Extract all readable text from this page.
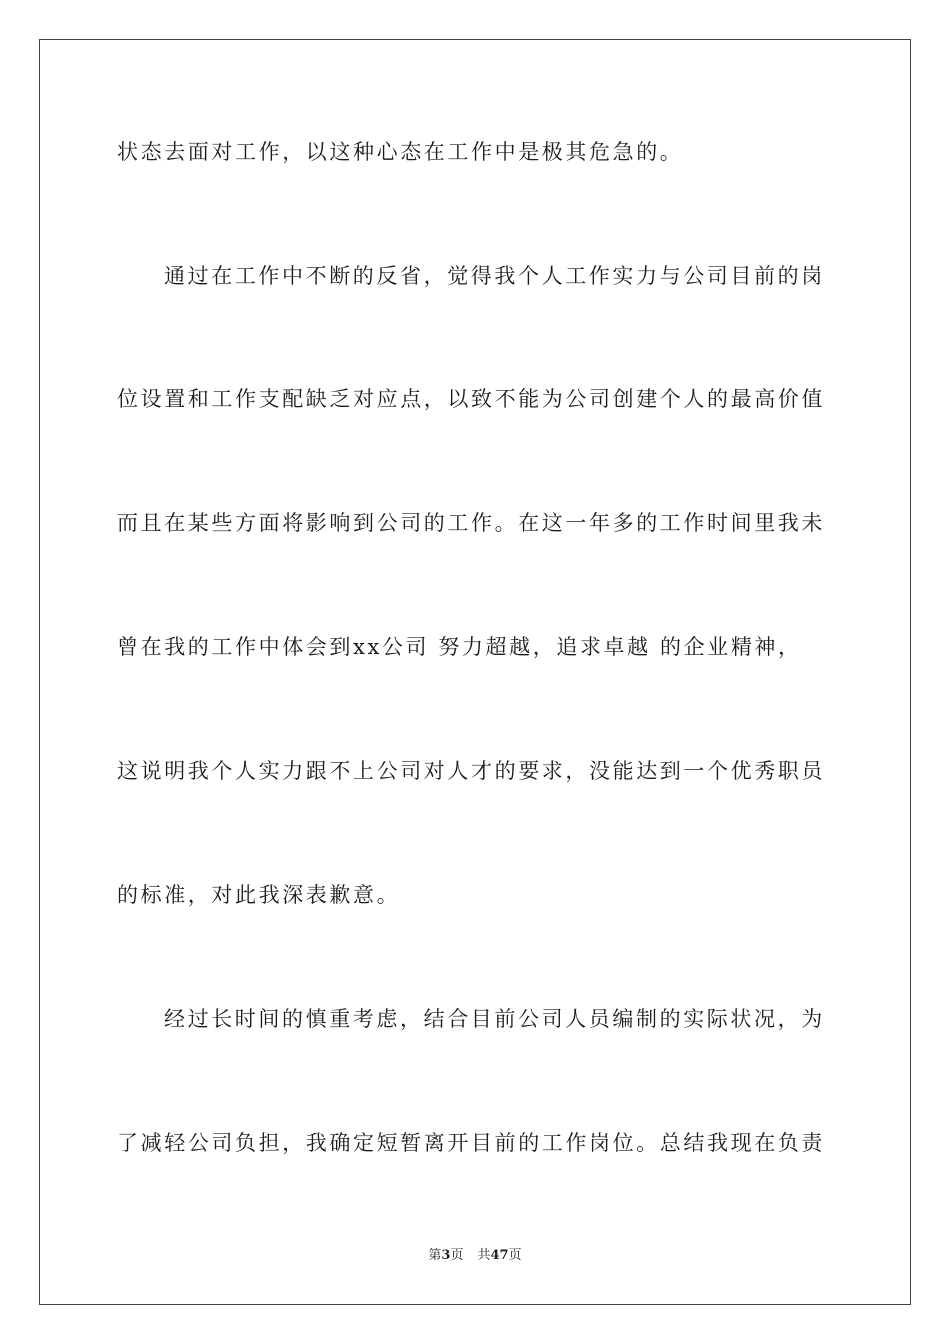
状态去面对工作，以这种心态在工作中是极其危急的。
通过在工作中不断的反省，觉得我个人工作实力与公司目前的岗
位设置和工作支配缺乏对应点，以致不能为公司创建个人的最高价值
而且在某些方面将影响到公司的工作。在这一年多的工作时间里我未
曾在我的工作中体会到xx公司 努力超越，追求卓越 的企业精神，
这说明我个人实力跟不上公司对人才的要求，没能达到一个优秀职员
的标准，对此我深表歉意。
经过长时间的慎重考虑，结合目前公司人员编制的实际状况，为
了减轻公司负担，我确定短暂离开目前的工作岗位。总结我现在负责
第3页 共47页
